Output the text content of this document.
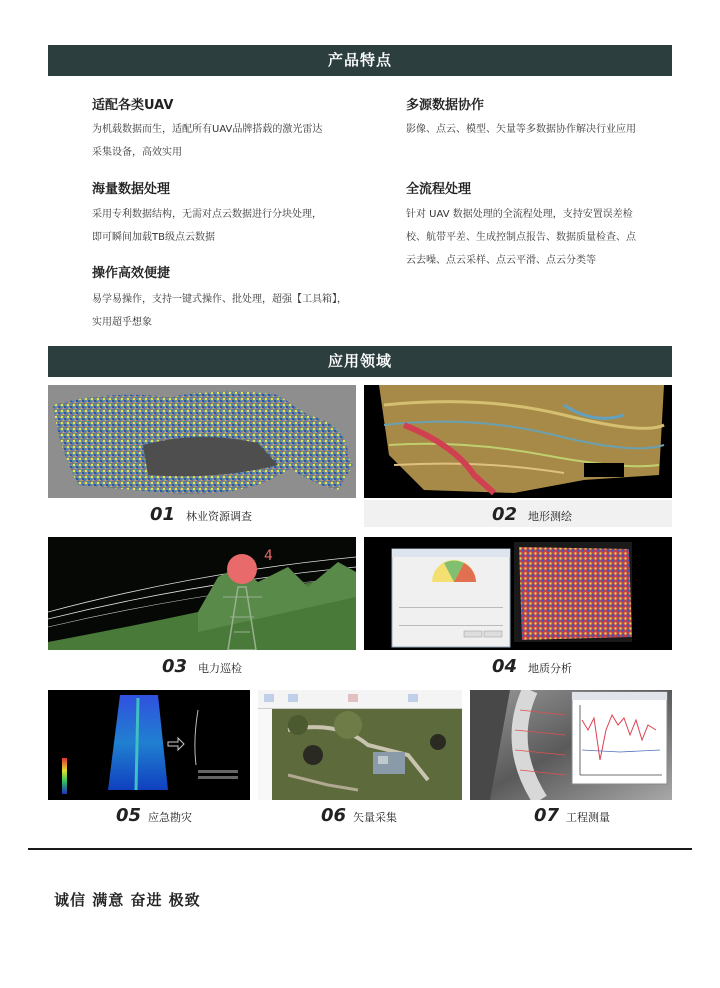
产品特点
适配各类UAV
为机载数据而生，适配所有UAV品牌搭载的激光雷达
采集设备，高效实用
多源数据协作
影像、点云、模型、矢量等多数据协作解决行业应用
海量数据处理
采用专利数据结构，无需对点云数据进行分块处理，
即可瞬间加载TB级点云数据
全流程处理
针对 UAV 数据处理的全流程处理，支持安置误差检
校、航带平差、生成控制点报告、数据质量检查、点
云去噪、点云采样、点云平滑、点云分类等
操作高效便捷
易学易操作，支持一键式操作、批处理，超强【工具箱】，
实用超乎想象
应用领域
01 林业资源调查	02 地形测绘
4
03 电力巡检	04 地质分析
05 应急勘灾	06 矢量采集	07 工程测量
诚信 满意 奋进 极致
